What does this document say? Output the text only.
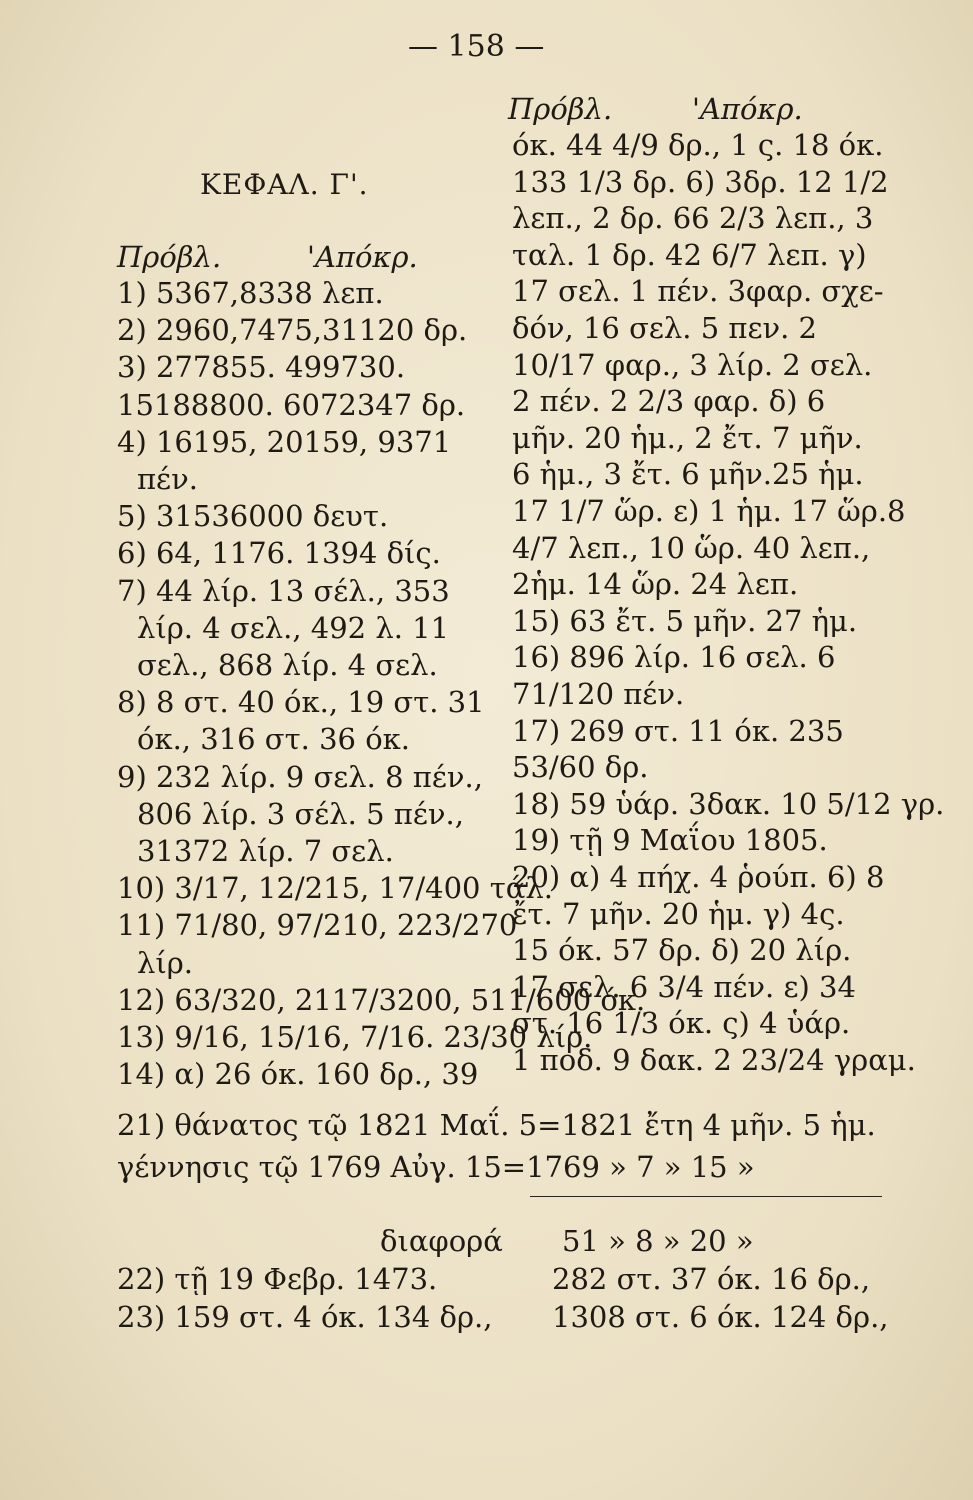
— 158 —
ΚΕΦΑΛ. Γ'.
Πρόβλ.	'Απόκρ.
Πρόβλ.	'Απόκρ.
1) 5367,8338 λεπ.
2) 2960,7475,31120 δρ.
3) 277855. 499730.
15188800. 6072347 δρ.
4) 16195, 20159, 9371
πέν.
5) 31536000 δευτ.
6) 64, 1176. 1394 δίς.
7) 44 λίρ. 13 σέλ., 353
λίρ. 4 σελ., 492 λ. 11
σελ., 868 λίρ. 4 σελ.
8) 8 στ. 40 όκ., 19 στ. 31
όκ., 316 στ. 36 όκ.
9) 232 λίρ. 9 σελ. 8 πέν.,
806 λίρ. 3 σέλ. 5 πέν.,
31372 λίρ. 7 σελ.
10) 3/17, 12/215, 17/400 τάλ.
11) 71/80, 97/210, 223/270
λίρ.
12) 63/320, 2117/3200, 511/600 όκ.
13) 9/16, 15/16, 7/16. 23/30 λίρ.
14) α) 26 όκ. 160 δρ., 39
όκ. 44 4/9 δρ., 1 ς. 18 όκ.
133 1/3 δρ. 6) 3δρ. 12 1/2
λεπ., 2 δρ. 66 2/3 λεπ., 3
ταλ. 1 δρ. 42 6/7 λεπ. γ)
17 σελ. 1 πέν. 3φαρ. σχε-
δόν, 16 σελ. 5 πεν. 2
10/17 φαρ., 3 λίρ. 2 σελ.
2 πέν. 2 2/3 φαρ. δ) 6
μῆν. 20 ἡμ., 2 ἔτ. 7 μῆν.
6 ἡμ., 3 ἔτ. 6 μῆν.25 ἡμ.
17 1/7 ὥρ. ε) 1 ἡμ. 17 ὥρ.8
4/7 λεπ., 10 ὥρ. 40 λεπ.,
2ἡμ. 14 ὥρ. 24 λεπ.
15) 63 ἔτ. 5 μῆν. 27 ἡμ.
16) 896 λίρ. 16 σελ. 6
71/120 πέν.
17) 269 στ. 11 όκ. 235
53/60 δρ.
18) 59 ὑάρ. 3δακ. 10 5/12 γρ.
19) τῇ 9 Μαΐου 1805.
20) α) 4 πήχ. 4 ῥούπ. 6) 8
ἔτ. 7 μῆν. 20 ἡμ. γ) 4ς.
15 όκ. 57 δρ. δ) 20 λίρ.
17 σελ. 6 3/4 πέν. ε) 34
στ. 16 1/3 όκ. ς) 4 ὑάρ.
1 ποδ. 9 δακ. 2 23/24 γραμ.
21) θάνατος τῷ 1821 Μαΐ. 5=1821 ἔτη 4 μῆν. 5 ἡμ.
γέννησις τῷ 1769 Αὐγ. 15=1769 » 7 » 15 »
διαφορά 51 » 8 » 20 »
22) τῇ 19 Φεβρ. 1473.	282 στ. 37 όκ. 16 δρ.,
23) 159 στ. 4 όκ. 134 δρ., 1308 στ. 6 όκ. 124 δρ.,
